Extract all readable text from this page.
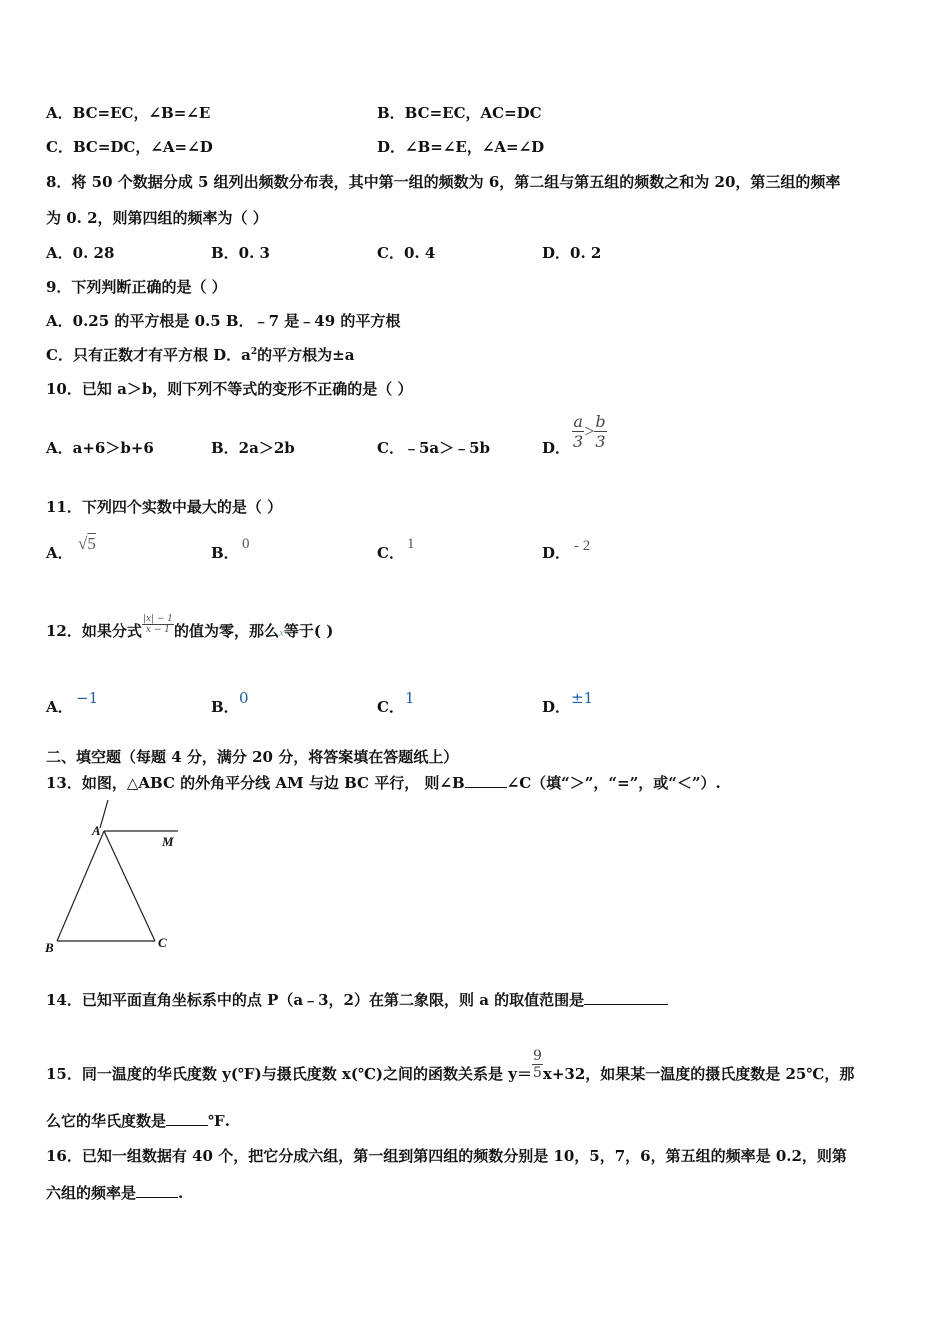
A．BC=EC，∠B=∠E	B．BC=EC，AC=DC
C．BC=DC，∠A=∠D	D．∠B=∠E，∠A=∠D
8．将 50 个数据分成 5 组列出频数分布表，其中第一组的频数为 6，第二组与第五组的频数之和为 20，第三组的频率
为 0. 2，则第四组的频率为（ ）
A．0. 28	B．0. 3	C．0. 4	D．0. 2
9．下列判断正确的是（ ）
A．0.25 的平方根是 0.5 B．﹣7 是﹣49 的平方根
C．只有正数才有平方根 D．$a^2$的平方根为±a
10．已知 a＞b，则下列不等式的变形不正确的是（ ）
A．a+6＞b+6	B．2a＞2b	C．﹣5a＞﹣5b	D． $\frac{a}{3} > \frac{b}{3}$
11．下列四个实数中最大的是（ ）
A． √5	B． 0	C． 1	D． - 2
12．如果分式 $\frac{|x| - 1}{x - 1}$ 的值为零，那么x等于( )
A． −1	B． 0	C． 1	D． ±1
二、填空题（每题 4 分，满分 20 分，将答案填在答题纸上）
13．如图，△ABC 的外角平分线 AM 与边 BC 平行， 则∠B	∠C（填“＞”，“=”，或“＜”）.
A
M
B	C
14．已知平面直角坐标系中的点 P（a﹣3，2）在第二象限，则 a 的取值范围是
15．同一温度的华氏度数 y(℉)与摄氏度数 x(℃)之间的函数关系是 $y= \frac{9}{5} x+32$，如果某一温度的摄氏度数是 25℃，那
么它的华氏度数是	℉.
16．已知一组数据有 40 个，把它分成六组，第一组到第四组的频数分别是 10，5，7，6，第五组的频率是 0.2，则第
六组的频率是	.
